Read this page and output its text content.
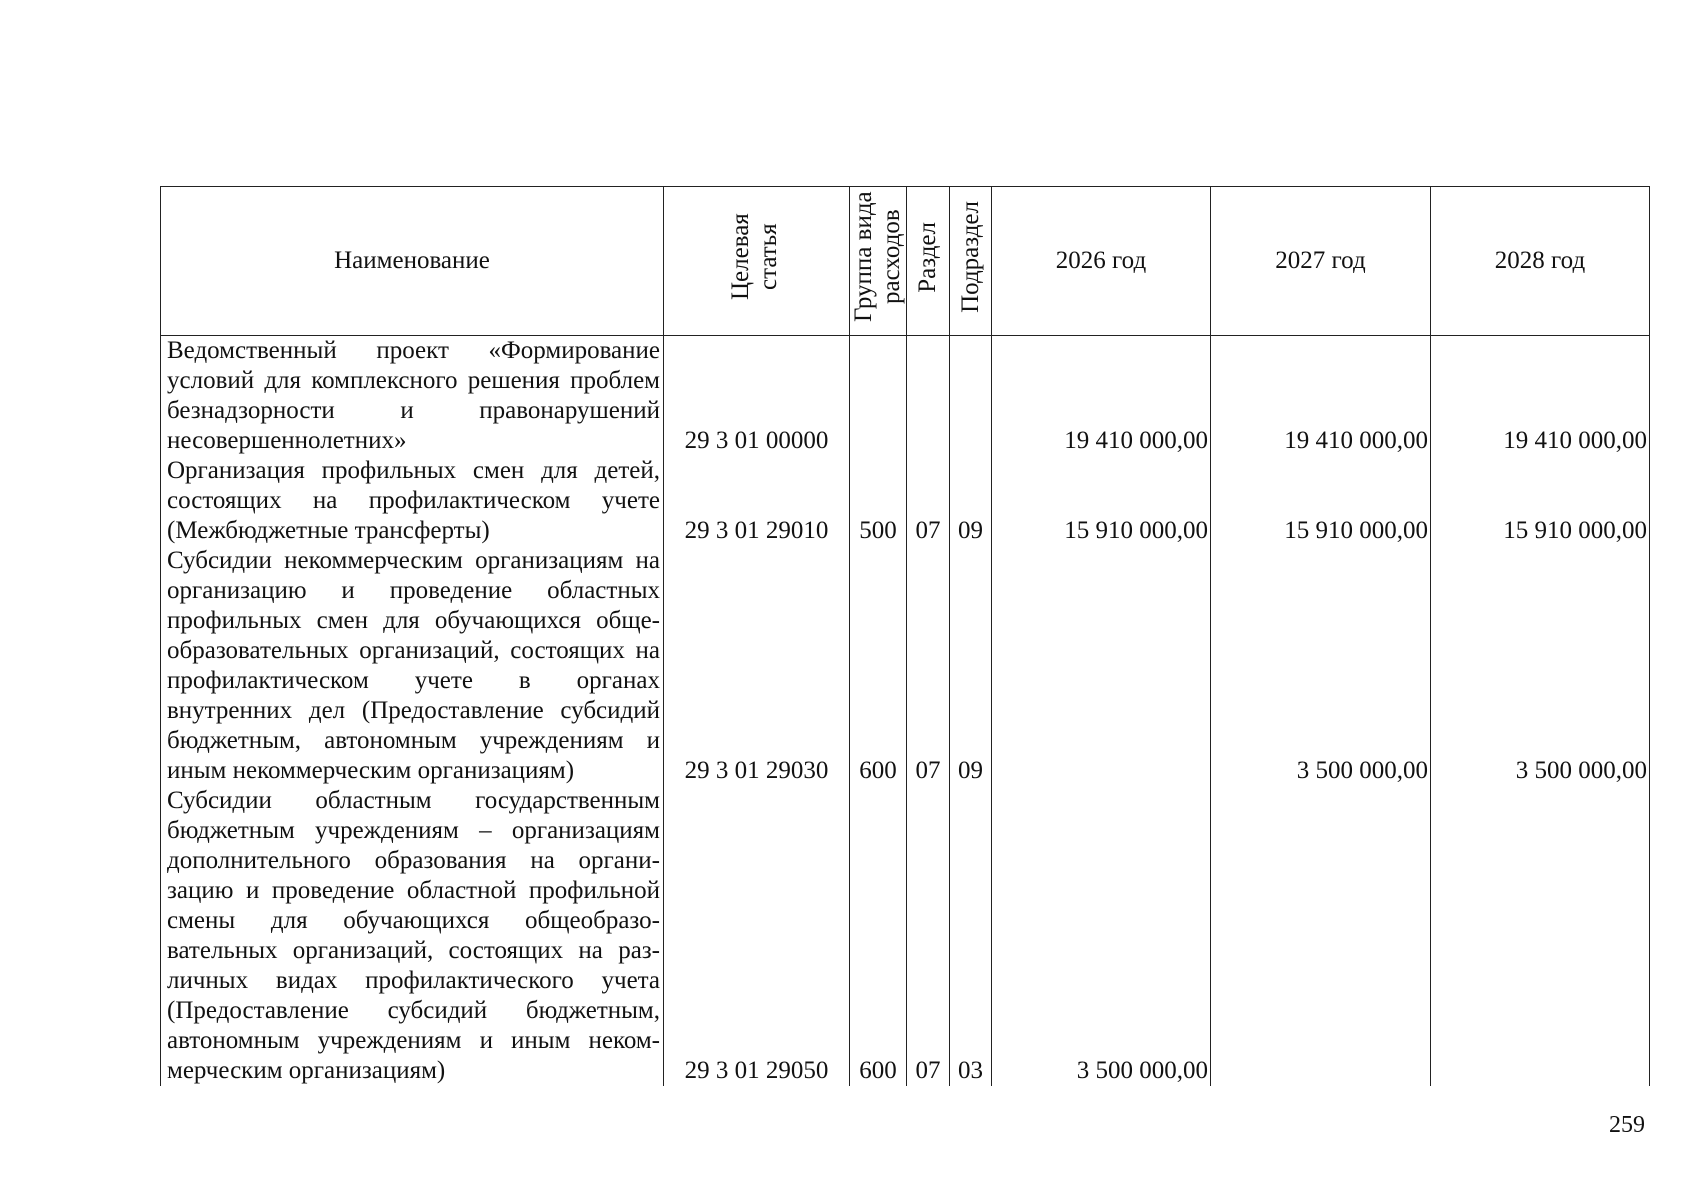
Наименование	Целевая статья	Группа вида расходов	Раздел	Подраздел	2026 год	2027 год	2028 год
Ведомственный проект «Формирование условий для комплексного решения проблем безнадзорности и правонарушений несовершеннолетних»	29 3 01 00000				19 410 000,00	19 410 000,00	19 410 000,00
Организация профильных смен для детей, состоящих на профилактическом учете (Межбюджетные трансферты)	29 3 01 29010	500	07	09	15 910 000,00	15 910 000,00	15 910 000,00
Субсидии некоммерческим организациям на организацию и проведение областных профильных смен для обучающихся общеобразовательных организаций, состоящих на профилактическом учете в органах внутренних дел (Предоставление субсидий бюджетным, автономным учреждениям и иным некоммерческим организациям)	29 3 01 29030	600	07	09		3 500 000,00	3 500 000,00
Субсидии областным государственным бюджетным учреждениям – организациям дополнительного образования на организацию и проведение областной профильной смены для обучающихся общеобразовательных организаций, состоящих на различных видах профилактического учета (Предоставление субсидий бюджетным, автономным учреждениям и иным некоммерческим организациям)	29 3 01 29050	600	07	03	3 500 000,00		
259
